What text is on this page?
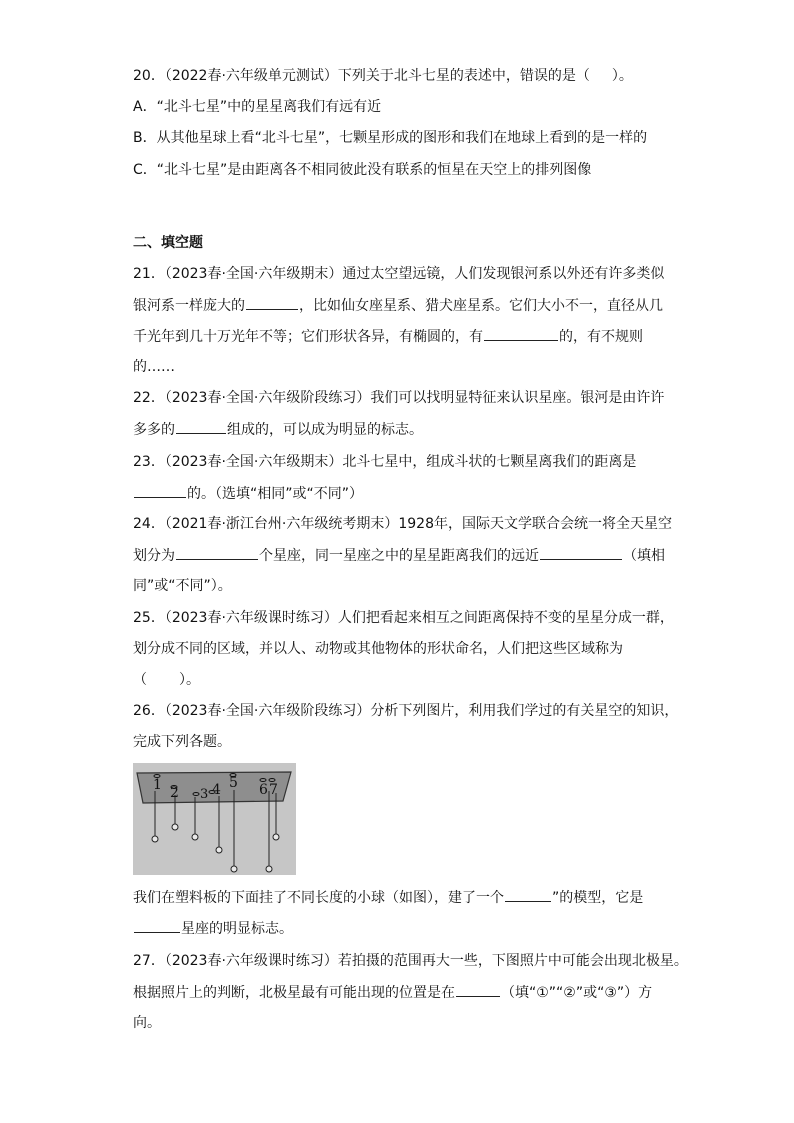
20．（2022春·六年级单元测试）下列关于北斗七星的表述中，错误的是（ ）。
A．“北斗七星”中的星星离我们有远有近
B．从其他星球上看“北斗七星”，七颗星形成的图形和我们在地球上看到的是一样的
C．“北斗七星”是由距离各不相同彼此没有联系的恒星在天空上的排列图像
二、填空题
21．（2023春·全国·六年级期末）通过太空望远镜，人们发现银河系以外还有许多类似
银河系一样庞大的	，比如仙女座星系、猎犬座星系。它们大小不一，直径从几
千光年到几十万光年不等；它们形状各异，有椭圆的，有	的，有不规则
的……
22．（2023春·全国·六年级阶段练习）我们可以找明显特征来认识星座。银河是由许许
多多的	组成的，可以成为明显的标志。
23．（2023春·全国·六年级期末）北斗七星中，组成斗状的七颗星离我们的距离是
的。（选填“相同”或“不同”）
24．（2021春·浙江台州·六年级统考期末）1928年，国际天文学联合会统一将全天星空
划分为	个星座，同一星座之中的星星距离我们的远近	（填相
同”或“不同”）。
25．（2023春·六年级课时练习）人们把看起来相互之间距离保持不变的星星分成一群，
划分成不同的区域，并以人、动物或其他物体的形状命名，人们把这些区域称为
（ ）。
26．（2023春·全国·六年级阶段练习）分析下列图片，利用我们学过的有关星空的知识，
完成下列各题。
1 2 3 4 5 6 7
我们在塑料板的下面挂了不同长度的小球（如图），建了一个	”的模型，它是
星座的明显标志。
27．（2023春·六年级课时练习）若拍摄的范围再大一些，下图照片中可能会出现北极星。
根据照片上的判断，北极星最有可能出现的位置是在	（填“①”“②”或“③”）方
向。
